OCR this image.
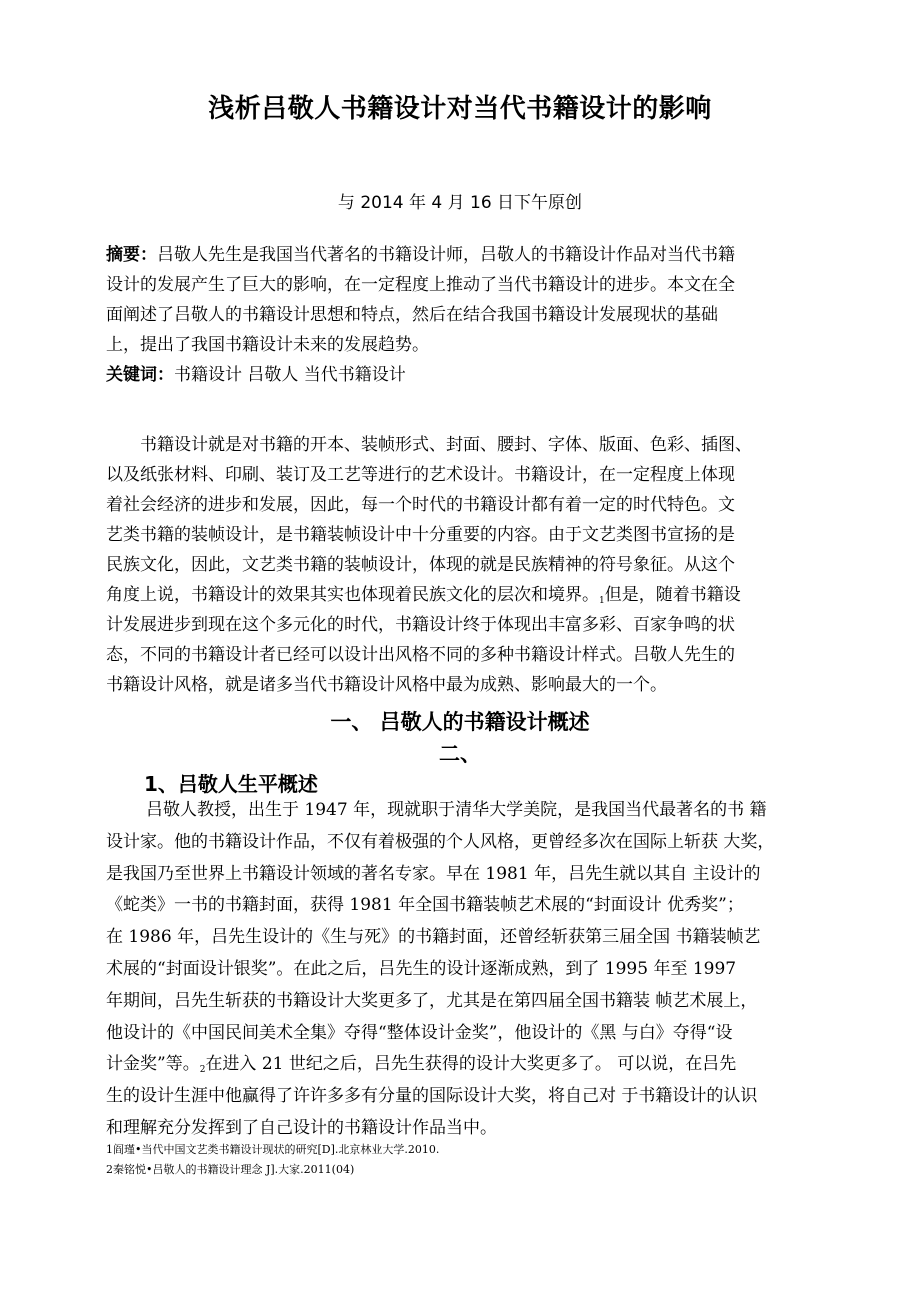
浅析吕敬人书籍设计对当代书籍设计的影响
与 2014 年 4 月 16 日下午原创
摘要：吕敬人先生是我国当代著名的书籍设计师，吕敬人的书籍设计作品对当代书籍
设计的发展产生了巨大的影响，在一定程度上推动了当代书籍设计的进步。本文在全
面阐述了吕敬人的书籍设计思想和特点，然后在结合我国书籍设计发展现状的基础
上，提出了我国书籍设计未来的发展趋势。
关键词：书籍设计 吕敬人 当代书籍设计
书籍设计就是对书籍的开本、装帧形式、封面、腰封、字体、版面、色彩、插图、
以及纸张材料、印刷、装订及工艺等进行的艺术设计。书籍设计，在一定程度上体现
着社会经济的进步和发展，因此，每一个时代的书籍设计都有着一定的时代特色。文
艺类书籍的装帧设计，是书籍装帧设计中十分重要的内容。由于文艺类图书宣扬的是
民族文化，因此，文艺类书籍的装帧设计，体现的就是民族精神的符号象征。从这个
角度上说，书籍设计的效果其实也体现着民族文化的层次和境界。$_1$但是，随着书籍设
计发展进步到现在这个多元化的时代，书籍设计终于体现出丰富多彩、百家争鸣的状
态，不同的书籍设计者已经可以设计出风格不同的多种书籍设计样式。吕敬人先生的
书籍设计风格，就是诸多当代书籍设计风格中最为成熟、影响最大的一个。
一、 吕敬人的书籍设计概述
二、
1、吕敬人生平概述
吕敬人教授，出生于 1947 年，现就职于清华大学美院，是我国当代最著名的书 籍
设计家。他的书籍设计作品，不仅有着极强的个人风格，更曾经多次在国际上斩获 大奖，
是我国乃至世界上书籍设计领域的著名专家。早在 1981 年，吕先生就以其自 主设计的
《蛇类》一书的书籍封面，获得 1981 年全国书籍装帧艺术展的“封面设计 优秀奖”；
在 1986 年，吕先生设计的《生与死》的书籍封面，还曾经斩获第三届全国 书籍装帧艺
术展的“封面设计银奖”。在此之后，吕先生的设计逐渐成熟，到了 1995 年至 1997
年期间，吕先生斩获的书籍设计大奖更多了，尤其是在第四届全国书籍装 帧艺术展上，
他设计的《中国民间美术全集》夺得“整体设计金奖”，他设计的《黑 与白》夺得“设
计金奖”等。$_2$在进入 21 世纪之后，吕先生获得的设计大奖更多了。 可以说，在吕先
生的设计生涯中他赢得了许许多多有分量的国际设计大奖，将自己对 于书籍设计的认识
和理解充分发挥到了自己设计的书籍设计作品当中。
1阎瑾•当代中国文艺类书籍设计现状的研究[D].北京林业大学.2010.
2秦铭悦•吕敬人的书籍设计理念 J].大家.2011(04)
